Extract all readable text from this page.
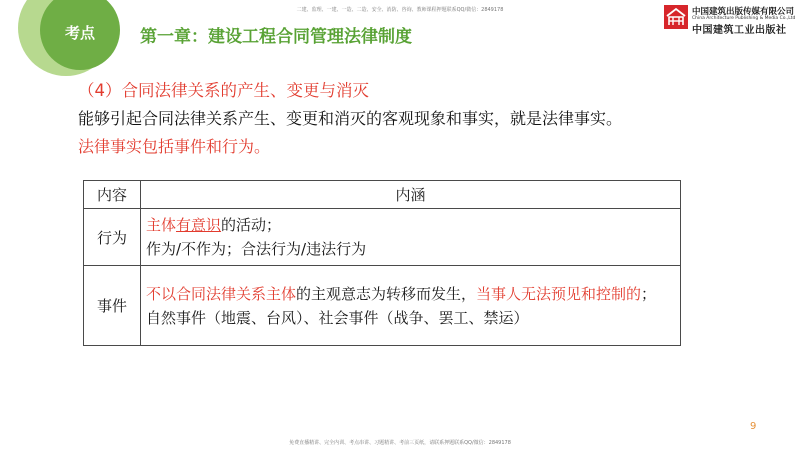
考点	第一章：建设工程合同管理法律制度
二建、监理、一建、一造、二造、安全、消防、咨询、教师课程押题联系QQ/微信：2849178	中国建筑出版传媒有限公司
China Architecture Publishing & Media Co.,Ltd
中国建筑工业出版社
（4）合同法律关系的产生、变更与消灭
能够引起合同法律关系产生、变更和消灭的客观现象和事实，就是法律事实。
法律事实包括事件和行为。
内容	内涵
行为	主体有意识的活动；
作为/不作为；合法行为/违法行为

事件	不以合同法律关系主体的主观意志为转移而发生，当事人无法预见和控制的；
自然事件（地震、台风）、社会事件（战争、罢工、禁运）
9
免费直播精讲、完全内训、考点串讲、习题精讲、考前三页纸，请联系押题联系QQ/微信：2849178
